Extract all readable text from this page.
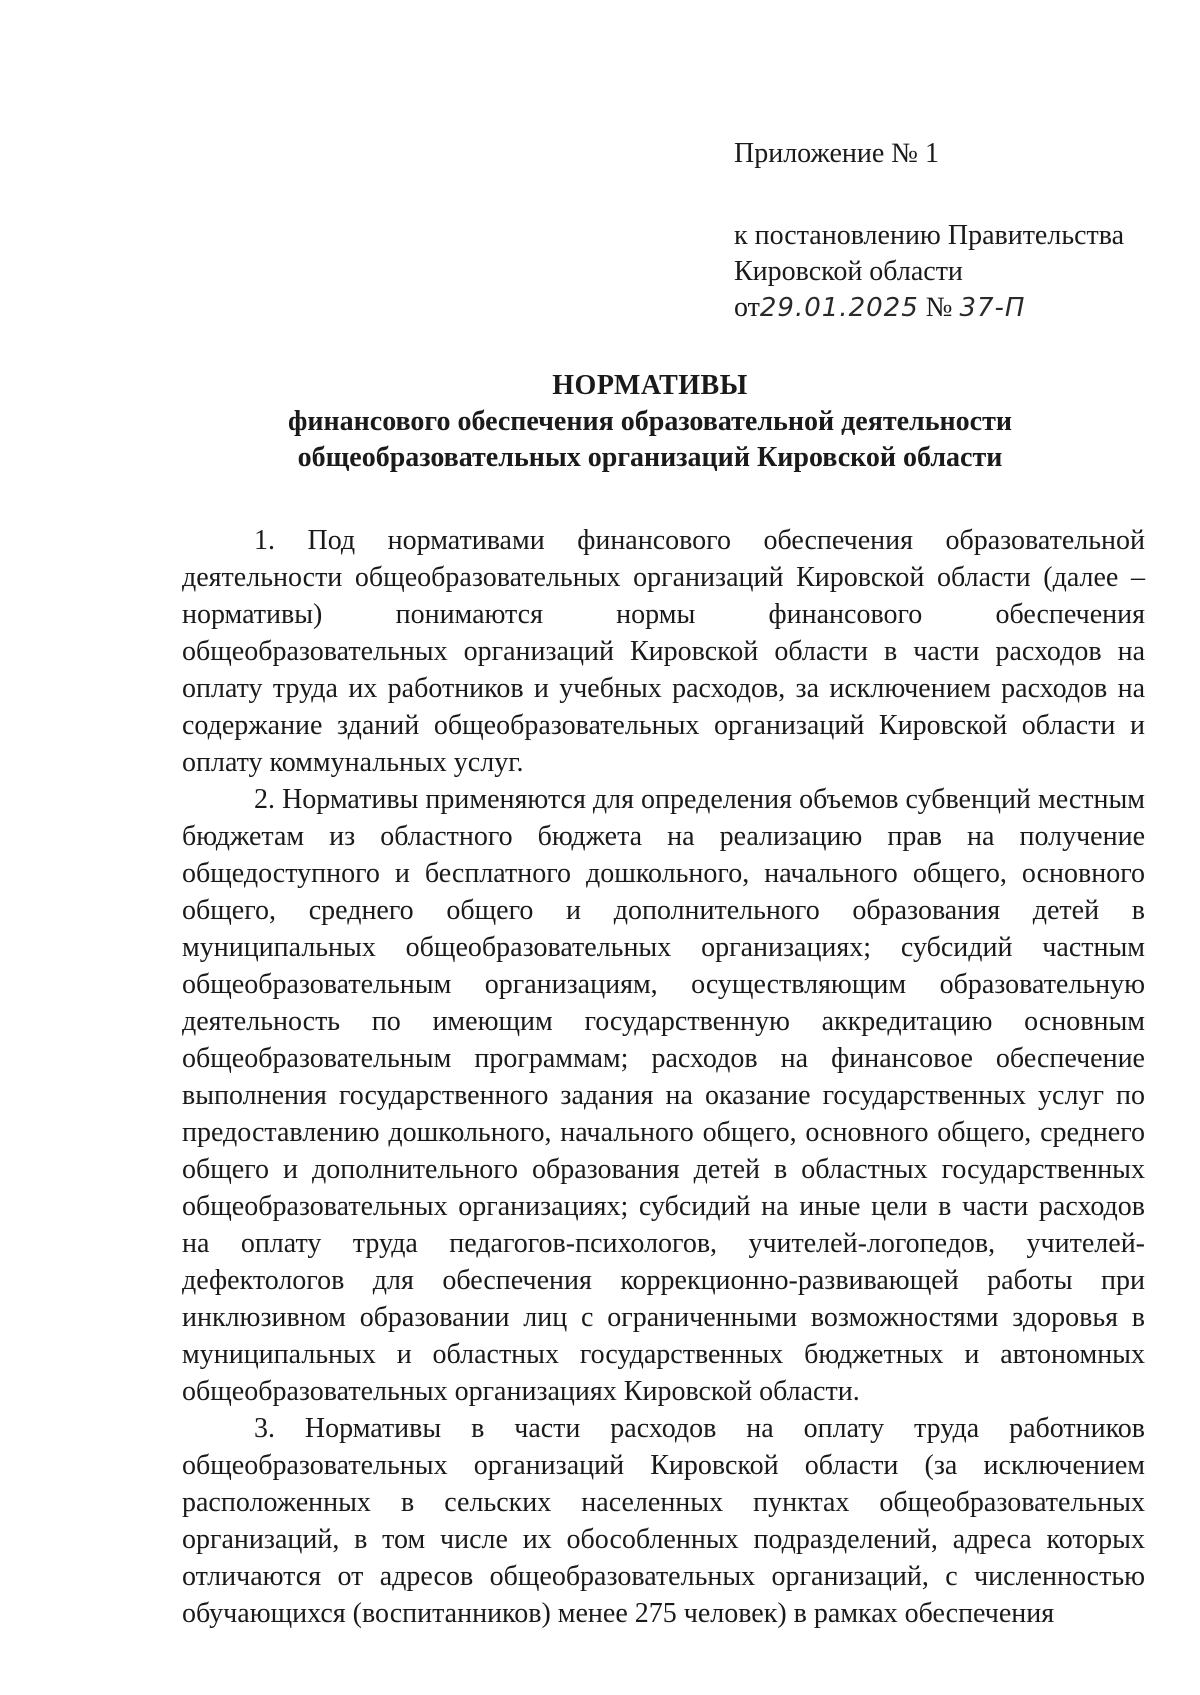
Приложение № 1
к постановлению Правительства
Кировской области
от29.01.2025 № 37-П
НОРМАТИВЫ
финансового обеспечения образовательной деятельности
общеобразовательных организаций Кировской области

1. Под нормативами финансового обеспечения образовательной деятельности общеобразовательных организаций Кировской области (далее – нормативы) понимаются нормы финансового обеспечения общеобразовательных организаций Кировской области в части расходов на оплату труда их работников и учебных расходов, за исключением расходов на содержание зданий общеобразовательных организаций Кировской области и оплату коммунальных услуг.

2. Нормативы применяются для определения объемов субвенций местным бюджетам из областного бюджета на реализацию прав на получение общедоступного и бесплатного дошкольного, начального общего, основного общего, среднего общего и дополнительного образования детей в муниципальных общеобразовательных организациях; субсидий частным общеобразовательным организациям, осуществляющим образовательную деятельность по имеющим государственную аккредитацию основным общеобразовательным программам; расходов на финансовое обеспечение выполнения государственного задания на оказание государственных услуг по предоставлению дошкольного, начального общего, основного общего, среднего общего и дополнительного образования детей в областных государственных общеобразовательных организациях; субсидий на иные цели в части расходов на оплату труда педагогов-психологов, учителей-логопедов, учителей-дефектологов для обеспечения коррекционно-развивающей работы при инклюзивном образовании лиц с ограниченными возможностями здоровья в муниципальных и областных государственных бюджетных и автономных общеобразовательных организациях Кировской области.

3. Нормативы в части расходов на оплату труда работников общеобразовательных организаций Кировской области (за исключением расположенных в сельских населенных пунктах общеобразовательных организаций, в том числе их обособленных подразделений, адреса которых отличаются от адресов общеобразовательных организаций, с численностью обучающихся (воспитанников) менее 275 человек) в рамках обеспечения
